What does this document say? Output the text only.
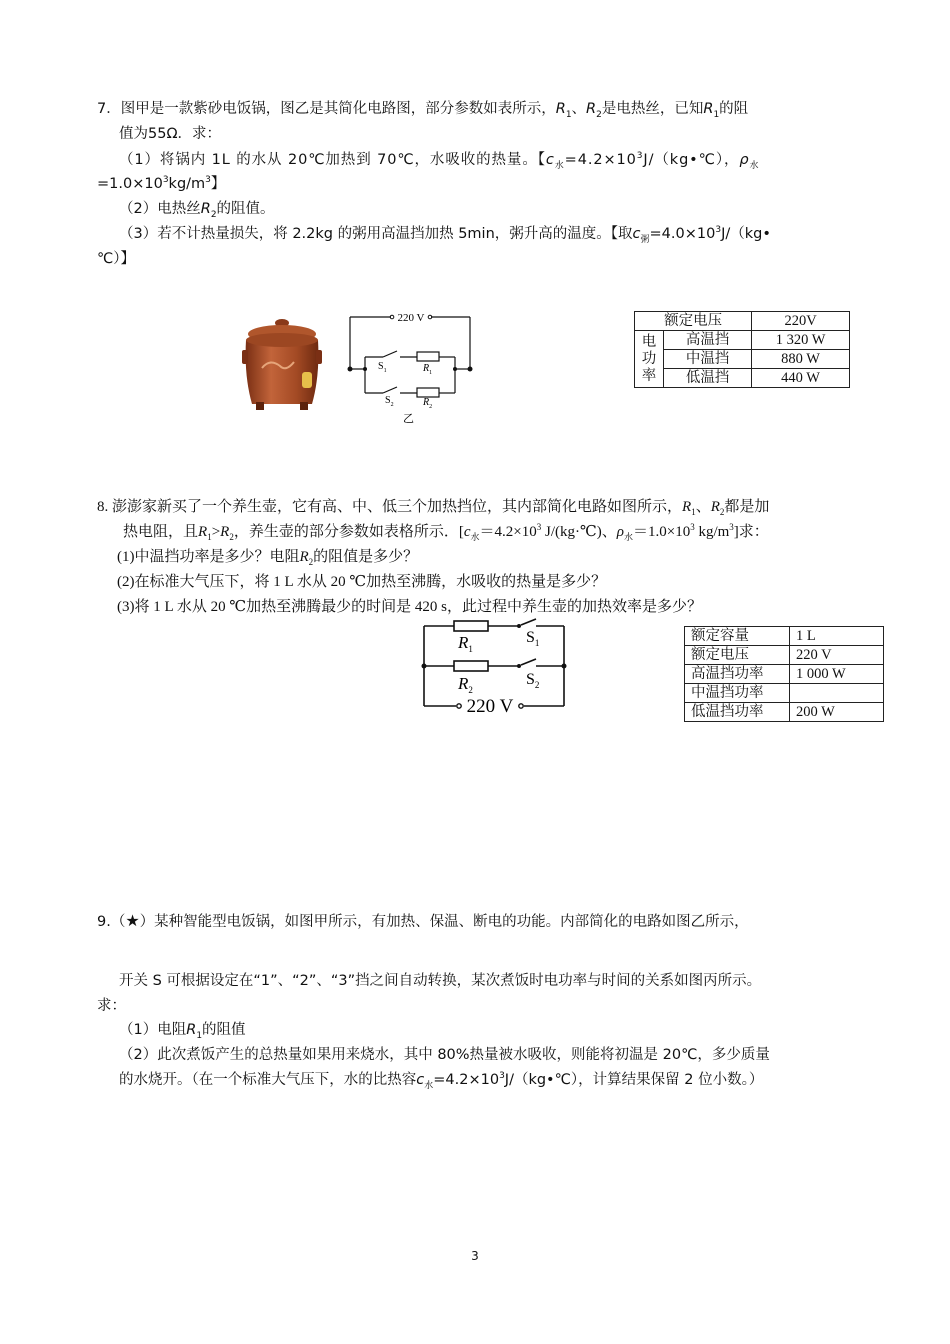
7．图甲是一款紫砂电饭锅，图乙是其简化电路图，部分参数如表所示，$R_1$、$R_2$是电热丝，已知$R_1$的阻
值为55Ω．求：
（1）将锅内 1L 的水从 20℃加热到 70℃，水吸收的热量。【$c_水=4.2\times 10^3J/(kg•℃)$，$\rho_水$
$=1.0\times 10^3kg/m^3$】
（2）电热丝$R_2$的阻值。
（3）若不计热量损失，将 2.2kg 的粥用高温挡加热 5min，粥升高的温度。【取$c_粥=4.0\times 10^3J/(kg•$
℃）】
220 V
$S_1$	$R_1$
$S_2$	$R_2$
乙
额定电压		220V
电功率	高温挡	1 320 W
	中温挡	880 W
	低温挡	440 W
8. 澎澎家新买了一个养生壶，它有高、中、低三个加热挡位，其内部简化电路如图所示，$R_1$、$R_2$都是加
热电阻，且$R_1>R_2$，养生壶的部分参数如表格所示．[$c_水=4.2\times 10^3$ J/(kg·℃)、$\rho_水=1.0\times 10^3$ $kg/m^3$]求：
(1)中温挡功率是多少？电阻$R_2$的阻值是多少？
(2)在标准大气压下，将 1 L 水从 20 ℃加热至沸腾，水吸收的热量是多少？
(3)将 1 L 水从 20 ℃加热至沸腾最少的时间是 420 s，此过程中养生壶的加热效率是多少？
$R_1$
$S_1$
$R_2$
$S_2$
220 V
额定容量	1 L
额定电压	220 V
高温挡功率	1 000 W
中温挡功率	
低温挡功率	200 W
9.（★）某种智能型电饭锅，如图甲所示，有加热、保温、断电的功能。内部简化的电路如图乙所示，
开关 S 可根据设定在“1”、“2”、“3”挡之间自动转换，某次煮饭时电功率与时间的关系如图丙所示。
求：
（1）电阻$R_1$的阻值
（2）此次煮饭产生的总热量如果用来烧水，其中 80%热量被水吸收，则能将初温是 20℃，多少质量
的水烧开。（在一个标准大气压下，水的比热容$c_水=4.2\times 10^3J/(kg•℃)$，计算结果保留 2 位小数。）
3
